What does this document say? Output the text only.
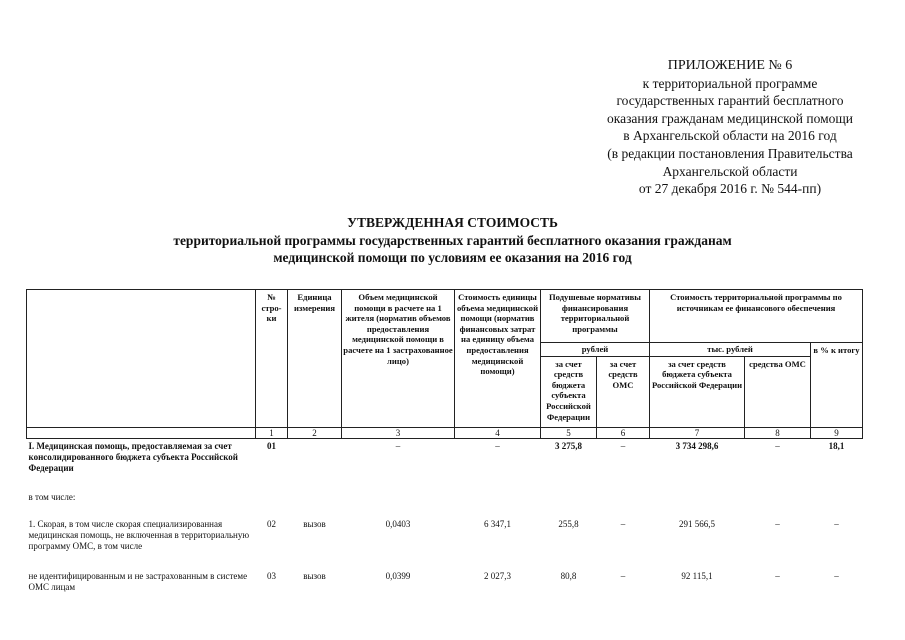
ПРИЛОЖЕНИЕ № 6
к территориальной программе
государственных гарантий бесплатного
оказания гражданам медицинской помощи
в Архангельской области на 2016 год
(в редакции постановления Правительства
Архангельской области
от 27 декабря 2016 г. № 544-пп)
УТВЕРЖДЕННАЯ СТОИМОСТЬ
территориальной программы государственных гарантий бесплатного оказания гражданам
медицинской помощи по условиям ее оказания на 2016 год
	№ стро-ки	Единица измерения	Объем медицинской помощи в расчете на 1 жителя (норматив объемов предоставления медицинской помощи в расчете на 1 застрахованное лицо)	Стоимость единицы объема медицинской помощи (норматив финансовых затрат на единицу объема предоставления медицинской помощи)	Подушевые нормативы финансирования территориальной программы		Стоимость территориальной программы по источникам ее финансового обеспечения		
					рублей		тыс. рублей		в % к итогу
					за счет средств бюджета субъекта Российской Федерации	за счет средств ОМС	за счет средств бюджета субъекта Российской Федерации	средства ОМС	
	1	2	3	4	5	6	7	8	9
I. Медицинская помощь, предоставляемая за счет консолидированного бюджета субъекта Российской Федерации	01		–	–	3 275,8	–	3 734 298,6	–	18,1
в том числе:									
1. Скорая, в том числе скорая специализированная медицинская помощь, не включенная в территориальную программу ОМС, в том числе	02	вызов	0,0403	6 347,1	255,8	–	291 566,5	–	–
не идентифицированным и не застрахованным в системе ОМС лицам	03	вызов	0,0399	2 027,3	80,8	–	92 115,1	–	–
